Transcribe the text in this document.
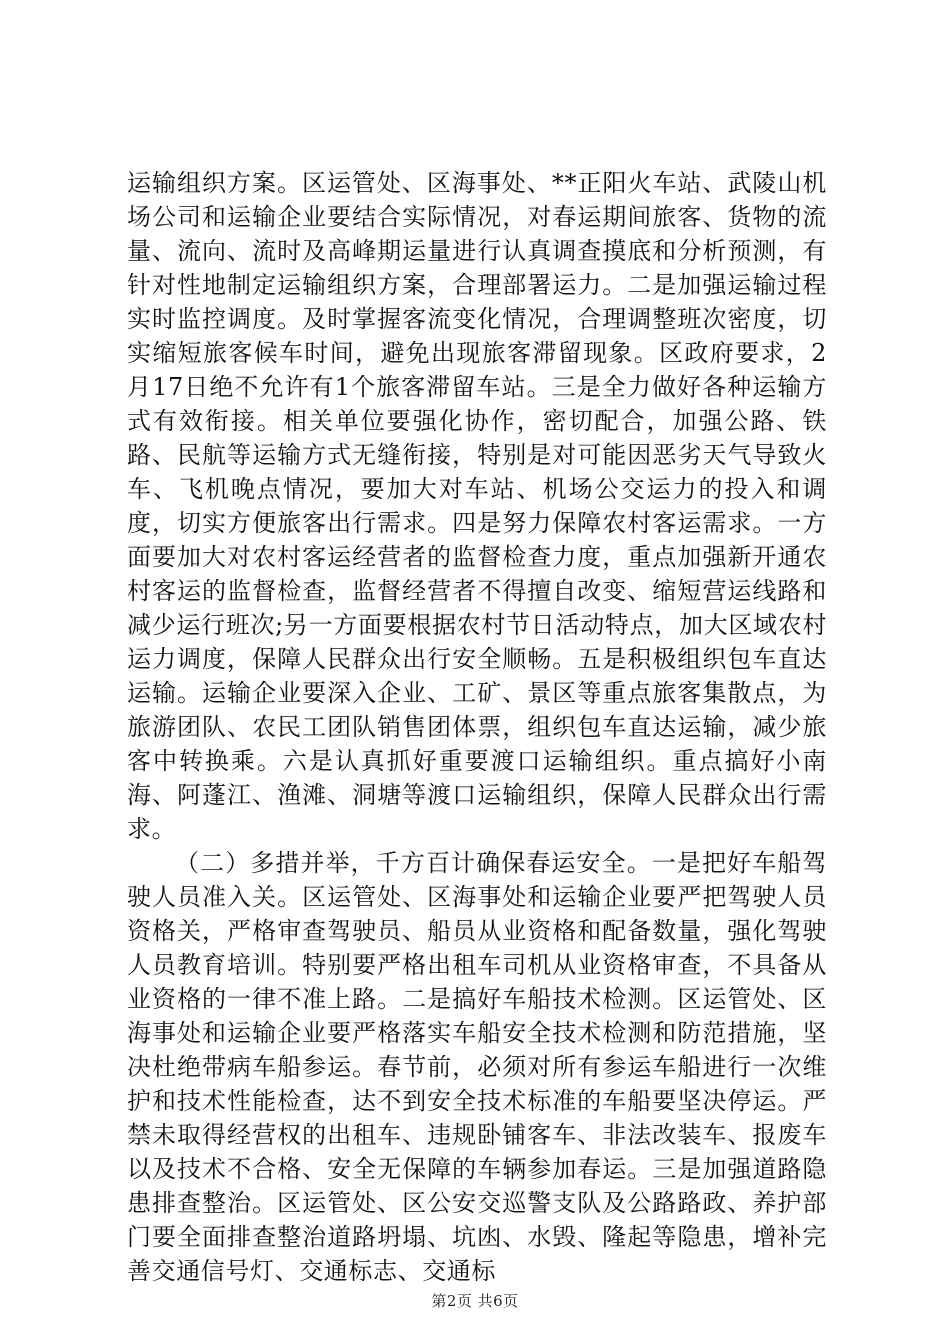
运输组织方案。区运管处、区海事处、**正阳火车站、武陵山机场公司和运输企业要结合实际情况，对春运期间旅客、货物的流量、流向、流时及高峰期运量进行认真调查摸底和分析预测，有针对性地制定运输组织方案，合理部署运力。二是加强运输过程实时监控调度。及时掌握客流变化情况，合理调整班次密度，切实缩短旅客候车时间，避免出现旅客滞留现象。区政府要求，2月17日绝不允许有1个旅客滞留车站。三是全力做好各种运输方式有效衔接。相关单位要强化协作，密切配合，加强公路、铁路、民航等运输方式无缝衔接，特别是对可能因恶劣天气导致火车、飞机晚点情况，要加大对车站、机场公交运力的投入和调度，切实方便旅客出行需求。四是努力保障农村客运需求。一方面要加大对农村客运经营者的监督检查力度，重点加强新开通农村客运的监督检查，监督经营者不得擅自改变、缩短营运线路和减少运行班次;另一方面要根据农村节日活动特点，加大区域农村运力调度，保障人民群众出行安全顺畅。五是积极组织包车直达运输。运输企业要深入企业、工矿、景区等重点旅客集散点，为旅游团队、农民工团队销售团体票，组织包车直达运输，减少旅客中转换乘。六是认真抓好重要渡口运输组织。重点搞好小南海、阿蓬江、渔滩、洞塘等渡口运输组织，保障人民群众出行需求。

（二）多措并举，千方百计确保春运安全。一是把好车船驾驶人员准入关。区运管处、区海事处和运输企业要严把驾驶人员资格关，严格审查驾驶员、船员从业资格和配备数量，强化驾驶人员教育培训。特别要严格出租车司机从业资格审查，不具备从业资格的一律不准上路。二是搞好车船技术检测。区运管处、区海事处和运输企业要严格落实车船安全技术检测和防范措施，坚决杜绝带病车船参运。春节前，必须对所有参运车船进行一次维护和技术性能检查，达不到安全技术标准的车船要坚决停运。严禁未取得经营权的出租车、违规卧铺客车、非法改装车、报废车以及技术不合格、安全无保障的车辆参加春运。三是加强道路隐患排查整治。区运管处、区公安交巡警支队及公路路政、养护部门要全面排查整治道路坍塌、坑凼、水毁、隆起等隐患，增补完善交通信号灯、交通标志、交通标

第2页 共6页
